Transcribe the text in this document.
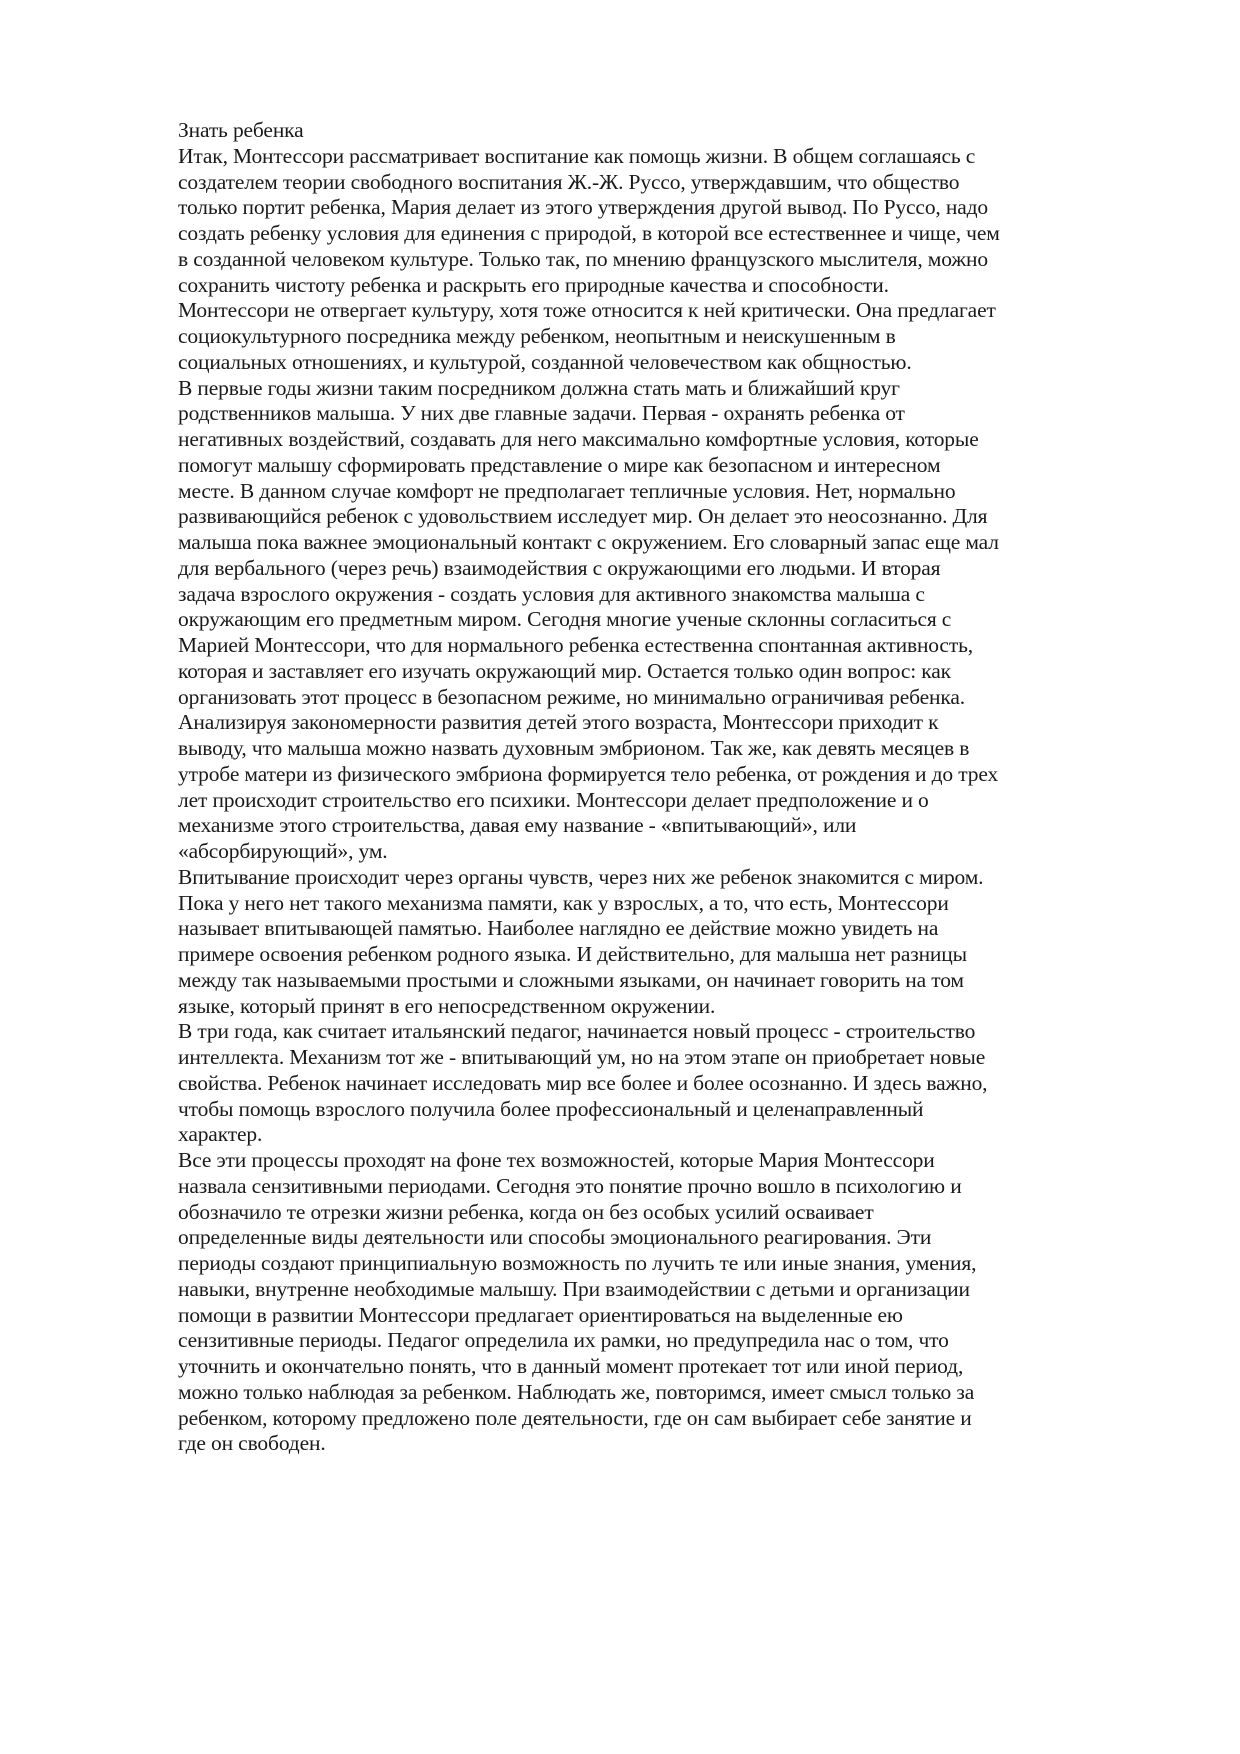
Знать ребенка
Итак, Монтессори рассматривает воспитание как помощь жизни. В общем соглашаясь с
создателем теории свободного воспитания Ж.-Ж. Руссо, утверждавшим, что общество
только портит ребенка, Мария делает из этого утверждения другой вывод. По Руссо, надо
создать ребенку условия для единения с природой, в которой все естественнее и чище, чем
в созданной человеком культуре. Только так, по мнению французского мыслителя, можно
сохранить чистоту ребенка и раскрыть его природные качества и способности.
Монтессори не отвергает культуру, хотя тоже относится к ней критически. Она предлагает
социокультурного посредника между ребенком, неопытным и неискушенным в
социальных отношениях, и культурой, созданной человечеством как общностью.
В первые годы жизни таким посредником должна стать мать и ближайший круг
родственников малыша. У них две главные задачи. Первая - охранять ребенка от
негативных воздействий, создавать для него максимально комфортные условия, которые
помогут малышу сформировать представление о мире как безопасном и интересном
месте. В данном случае комфорт не предполагает тепличные условия. Нет, нормально
развивающийся ребенок с удовольствием исследует мир. Он делает это неосознанно. Для
малыша пока важнее эмоциональный контакт с окружением. Его словарный запас еще мал
для вербального (через речь) взаимодействия с окружающими его людьми. И вторая
задача взрослого окружения - создать условия для активного знакомства малыша с
окружающим его предметным миром. Сегодня многие ученые склонны согласиться с
Марией Монтессори, что для нормального ребенка естественна спонтанная активность,
которая и заставляет его изучать окружающий мир. Остается только один вопрос: как
организовать этот процесс в безопасном режиме, но минимально ограничивая ребенка.
Анализируя закономерности развития детей этого возраста, Монтессори приходит к
выводу, что малыша можно назвать духовным эмбрионом. Так же, как девять месяцев в
утробе матери из физического эмбриона формируется тело ребенка, от рождения и до трех
лет происходит строительство его психики. Монтессори делает предположение и о
механизме этого строительства, давая ему название - «впитывающий», или
«абсорбирующий», ум.
Впитывание происходит через органы чувств, через них же ребенок знакомится с миром.
Пока у него нет такого механизма памяти, как у взрослых, а то, что есть, Монтессори
называет впитывающей памятью. Наиболее наглядно ее действие можно увидеть на
примере освоения ребенком родного языка. И действительно, для малыша нет разницы
между так называемыми простыми и сложными языками, он начинает говорить на том
языке, который принят в его непосредственном окружении.
В три года, как считает итальянский педагог, начинается новый процесс - строительство
интеллекта. Механизм тот же - впитывающий ум, но на этом этапе он приобретает новые
свойства. Ребенок начинает исследовать мир все более и более осознанно. И здесь важно,
чтобы помощь взрослого получила более профессиональный и целенаправленный
характер.
Все эти процессы проходят на фоне тех возможностей, которые Мария Монтессори
назвала сензитивными периодами. Сегодня это понятие прочно вошло в психологию и
обозначило те отрезки жизни ребенка, когда он без особых усилий осваивает
определенные виды деятельности или способы эмоционального реагирования. Эти
периоды создают принципиальную возможность по лучить те или иные знания, умения,
навыки, внутренне необходимые малышу. При взаимодействии с детьми и организации
помощи в развитии Монтессори предлагает ориентироваться на выделенные ею
сензитивные периоды. Педагог определила их рамки, но предупредила нас о том, что
уточнить и окончательно понять, что в данный момент протекает тот или иной период,
можно только наблюдая за ребенком. Наблюдать же, повторимся, имеет смысл только за
ребенком, которому предложено поле деятельности, где он сам выбирает себе занятие и
где он свободен.
